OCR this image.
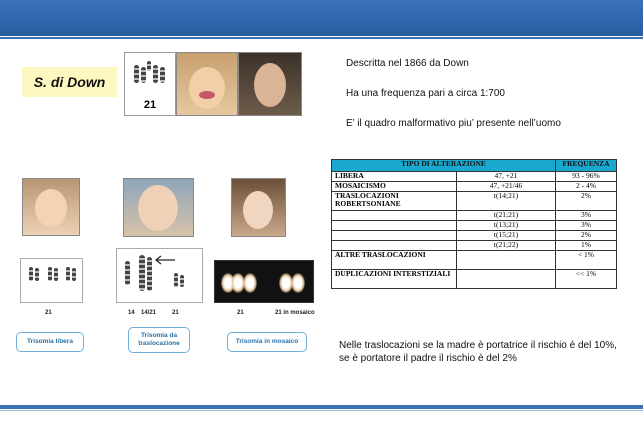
S. di Down
21
Descritta nel 1866 da Down
Ha una frequenza pari a circa 1:700
E’ il quadro malformativo piu’ presente nell’uomo
21	14 14/21	21	21	21 in mosaico
Trisomia libera
Trisomia da traslocazione	Trisomia in mosaico
TIPO DI ALTERAZIONE		FREQUENZA
LIBERA	47, +21	93 - 96%
MOSAICISMO	47, +21/46	2 - 4%
TRASLOCAZIONI ROBERTSONIANE	t(14;21)	2%
	t(21;21)	3%
	t(13;21)	3%
	t(15;21)	2%
	t(21;22)	1%
ALTRE TRASLOCAZIONI		< 1%
DUPLICAZIONI INTERSTIZIALI		<< 1%
Nelle traslocazioni se la madre è portatrice il rischio è del 10%, se è portatore il padre il rischio è del 2%
